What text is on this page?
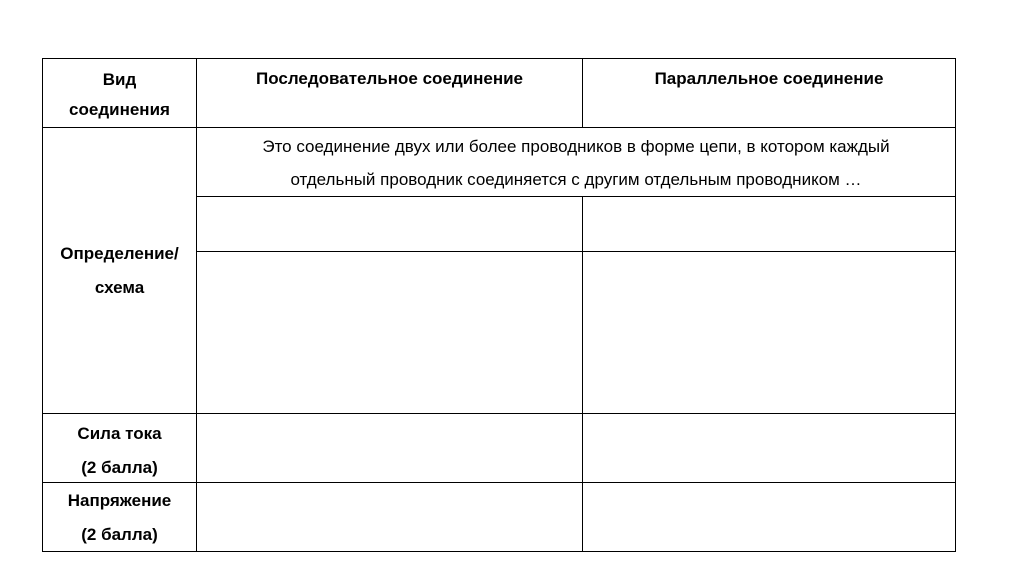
Вид
соединения
Последовательное соединение	Параллельное соединение
Определение/
схема
Это соединение двух или более проводников в форме цепи, в котором каждый
отдельный проводник соединяется с другим отдельным проводником …
Сила тока
(2 балла)
Напряжение
(2 балла)
